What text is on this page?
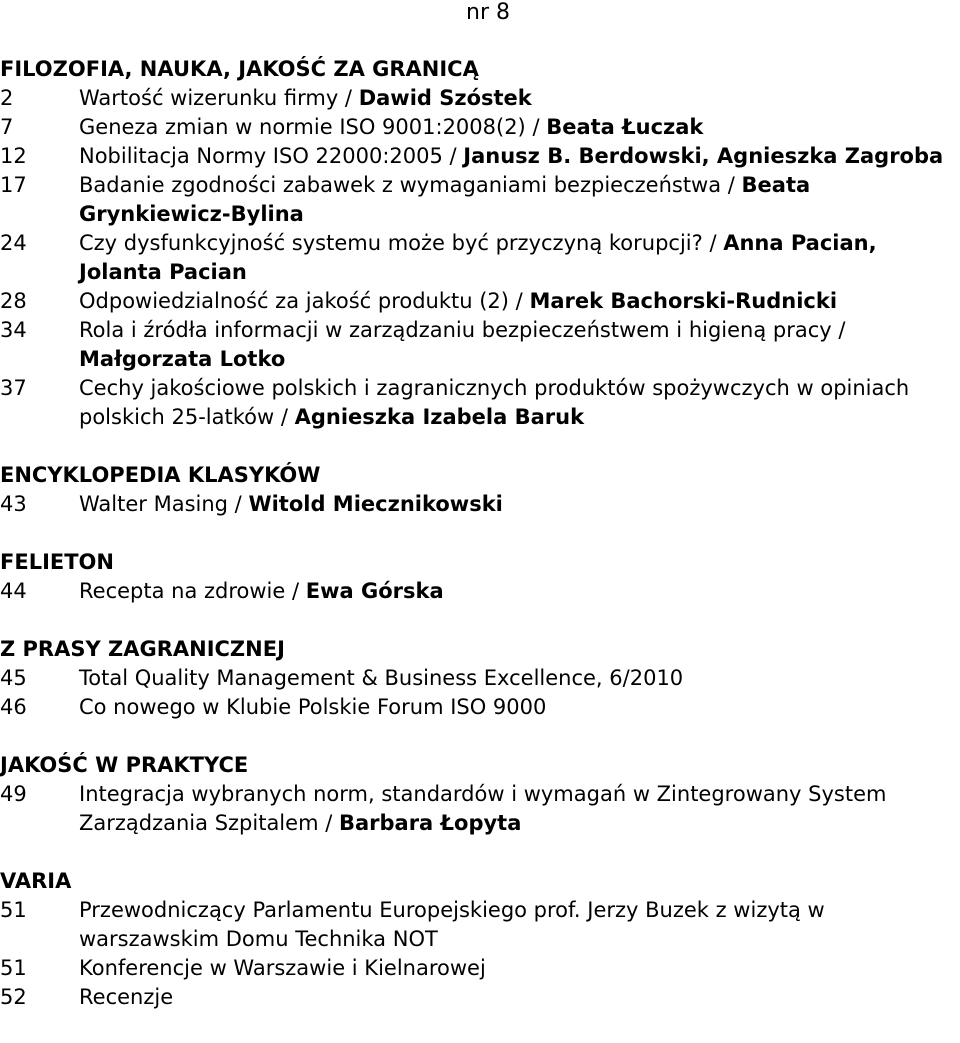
nr 8
FILOZOFIA, NAUKA, JAKOŚĆ ZA GRANICĄ
2	Wartość wizerunku firmy / Dawid Szóstek
7	Geneza zmian w normie ISO 9001:2008(2) / Beata Łuczak
12	Nobilitacja Normy ISO 22000:2005 / Janusz B. Berdowski, Agnieszka Zagroba
17	Badanie zgodności zabawek z wymaganiami bezpieczeństwa / Beata Grynkiewicz-Bylina
24	Czy dysfunkcyjność systemu może być przyczyną korupcji? / Anna Pacian, Jolanta Pacian
28	Odpowiedzialność za jakość produktu (2) / Marek Bachorski-Rudnicki
34	Rola i źródła informacji w zarządzaniu bezpieczeństwem i higieną pracy / Małgorzata Lotko
37	Cechy jakościowe polskich i zagranicznych produktów spożywczych w opiniach polskich 25-latków / Agnieszka Izabela Baruk
ENCYKLOPEDIA KLASYKÓW
43	Walter Masing / Witold Miecznikowski
FELIETON
44	Recepta na zdrowie / Ewa Górska
Z PRASY ZAGRANICZNEJ
45	Total Quality Management & Business Excellence, 6/2010
46	Co nowego w Klubie Polskie Forum ISO 9000
JAKOŚĆ W PRAKTYCE
49	Integracja wybranych norm, standardów i wymagań w Zintegrowany System Zarządzania Szpitalem / Barbara Łopyta
VARIA
51	Przewodniczący Parlamentu Europejskiego prof. Jerzy Buzek z wizytą w warszawskim Domu Technika NOT
51	Konferencje w Warszawie i Kielnarowej
52	Recenzje
